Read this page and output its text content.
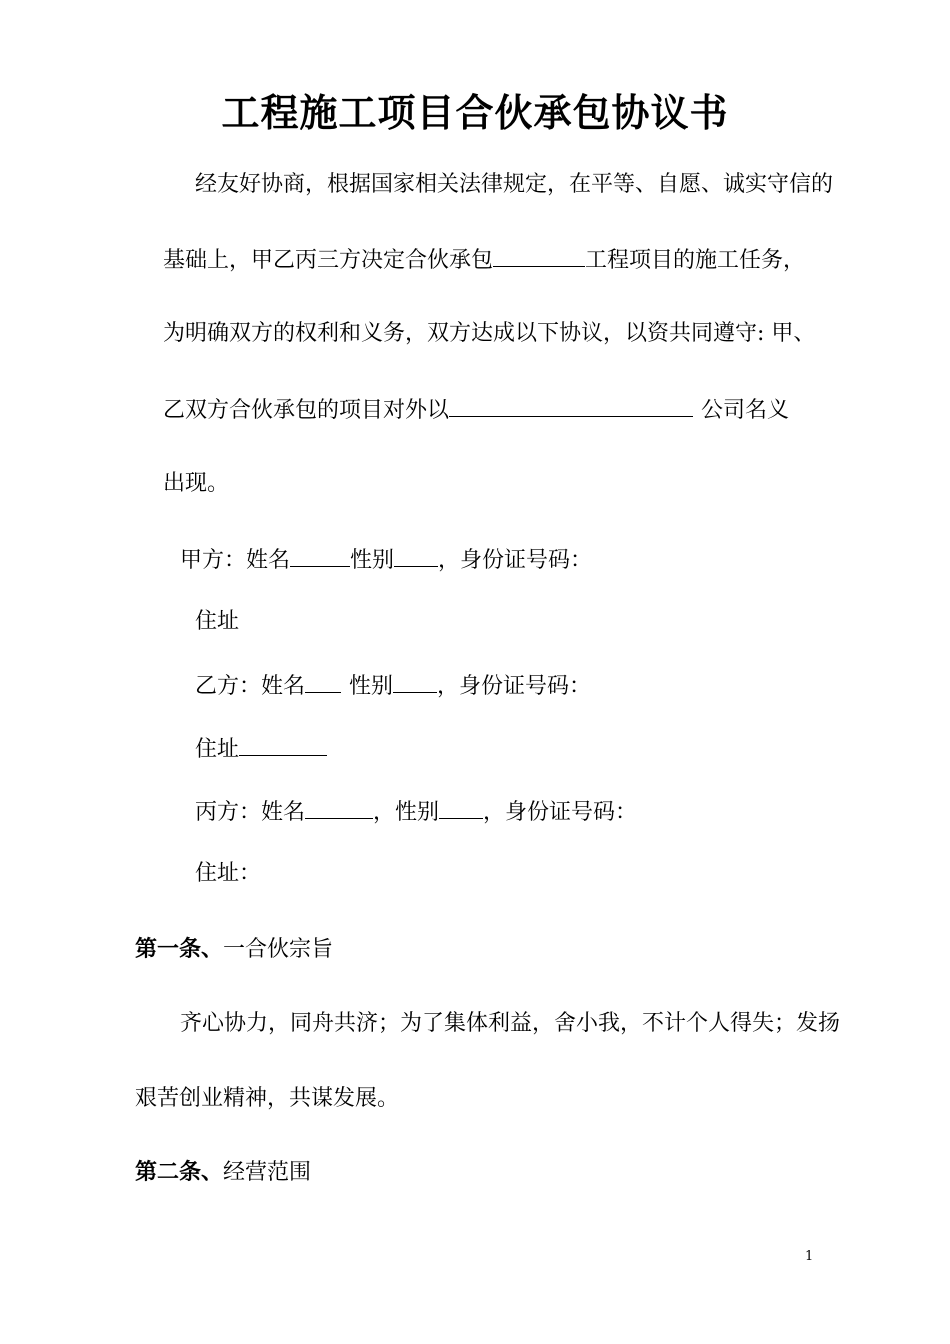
工程施工项目合伙承包协议书
经友好协商，根据国家相关法律规定，在平等、自愿、诚实守信的
基础上，甲乙丙三方决定合伙承包	工程项目的施工任务，
为明确双方的权利和义务，双方达成以下协议，以资共同遵守: 甲、
乙双方合伙承包的项目对外以	公司名义
出现。
甲方：姓名	性别 ，身份证号码：
住址
乙方：姓名 性别 ，身份证号码：
住址
丙方：姓名	，性别 ，身份证号码：
住址：
第一条、一合伙宗旨
齐心协力，同舟共济；为了集体利益，舍小我，不计个人得失；发扬
艰苦创业精神，共谋发展。
第二条、经营范围
1
